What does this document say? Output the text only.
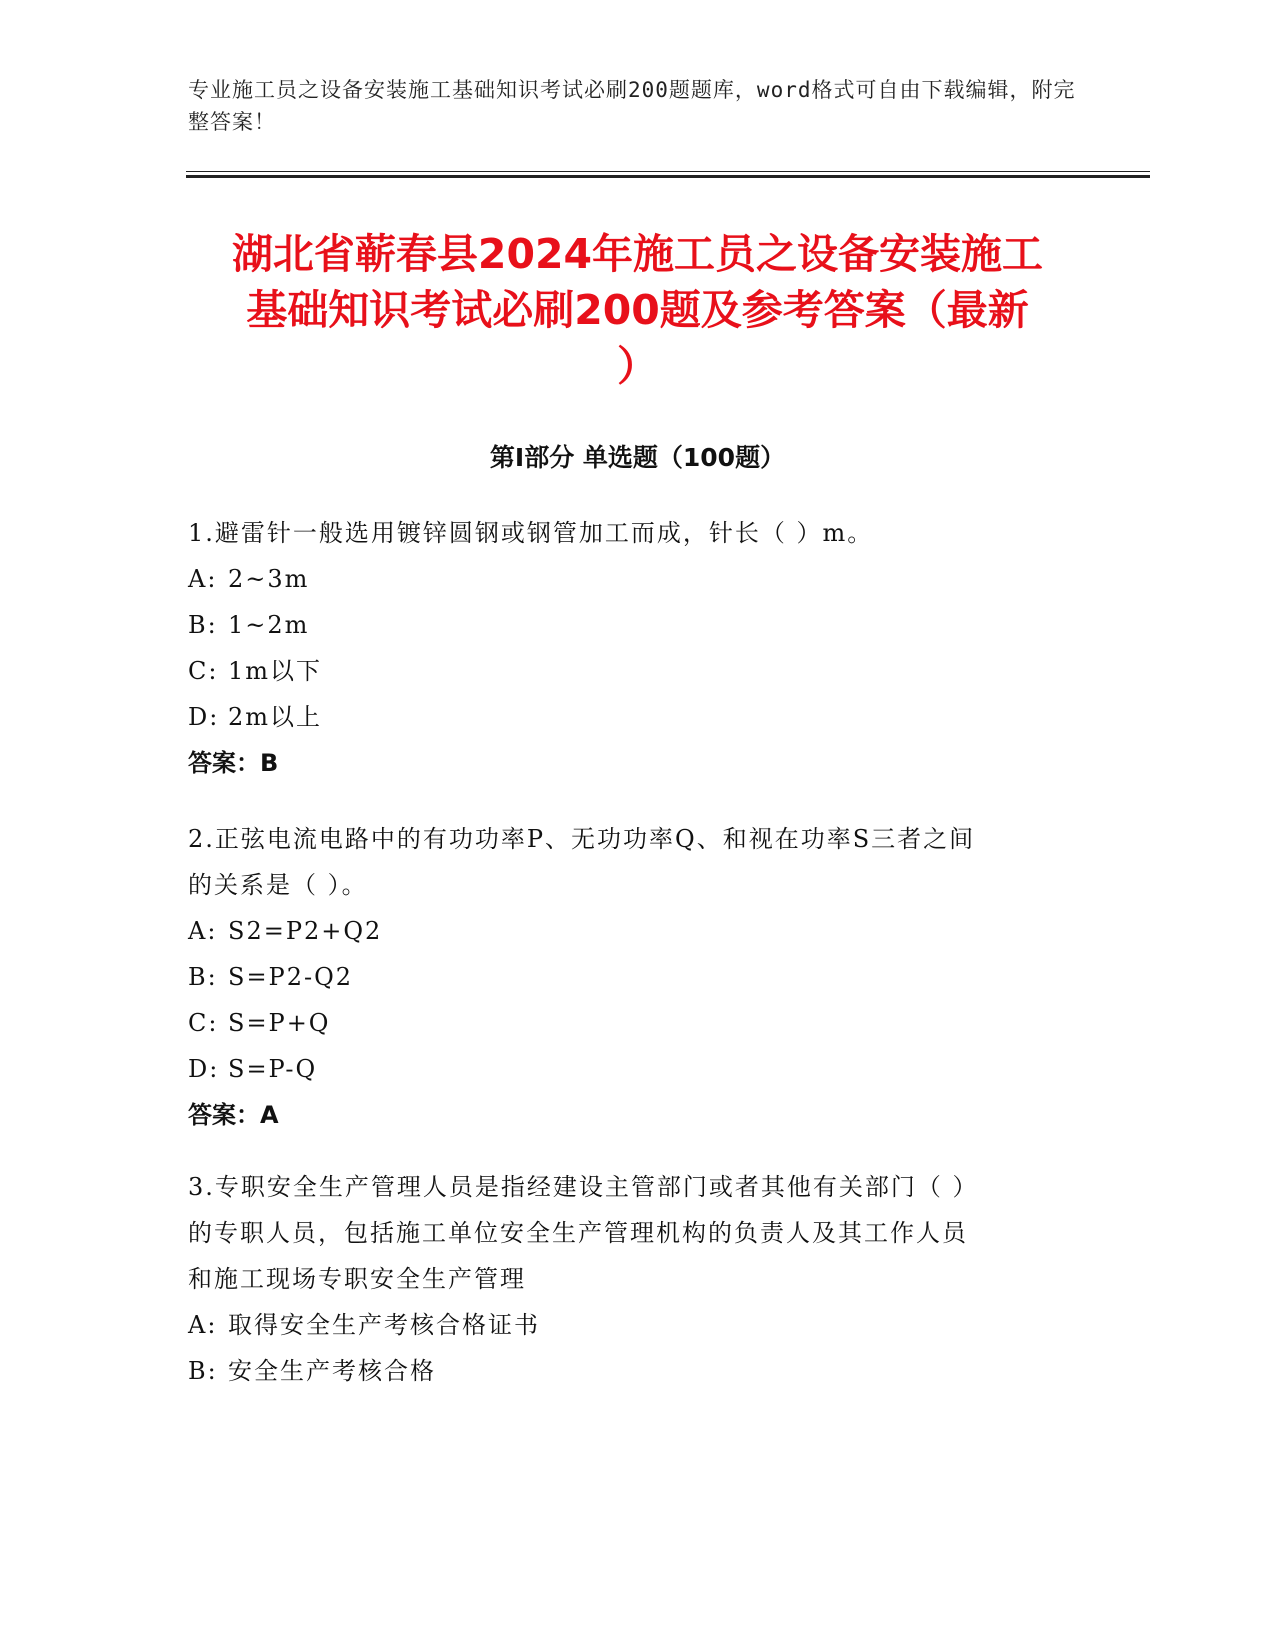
专业施工员之设备安装施工基础知识考试必刷200题题库，word格式可自由下载编辑，附完整答案！
湖北省蕲春县2024年施工员之设备安装施工
基础知识考试必刷200题及参考答案（最新
）
第Ⅰ部分 单选题（100题）
1.避雷针一般选用镀锌圆钢或钢管加工而成，针长（ ）m。
A: 2~3m
B: 1~2m
C: 1m以下
D: 2m以上
答案：B
2.正弦电流电路中的有功功率P、无功功率Q、和视在功率S三者之间
的关系是（ ）。
A: S2=P2+Q2
B: S=P2-Q2
C: S=P+Q
D: S=P-Q
答案：A
3.专职安全生产管理人员是指经建设主管部门或者其他有关部门（ ）
的专职人员，包括施工单位安全生产管理机构的负责人及其工作人员
和施工现场专职安全生产管理
A: 取得安全生产考核合格证书
B: 安全生产考核合格
